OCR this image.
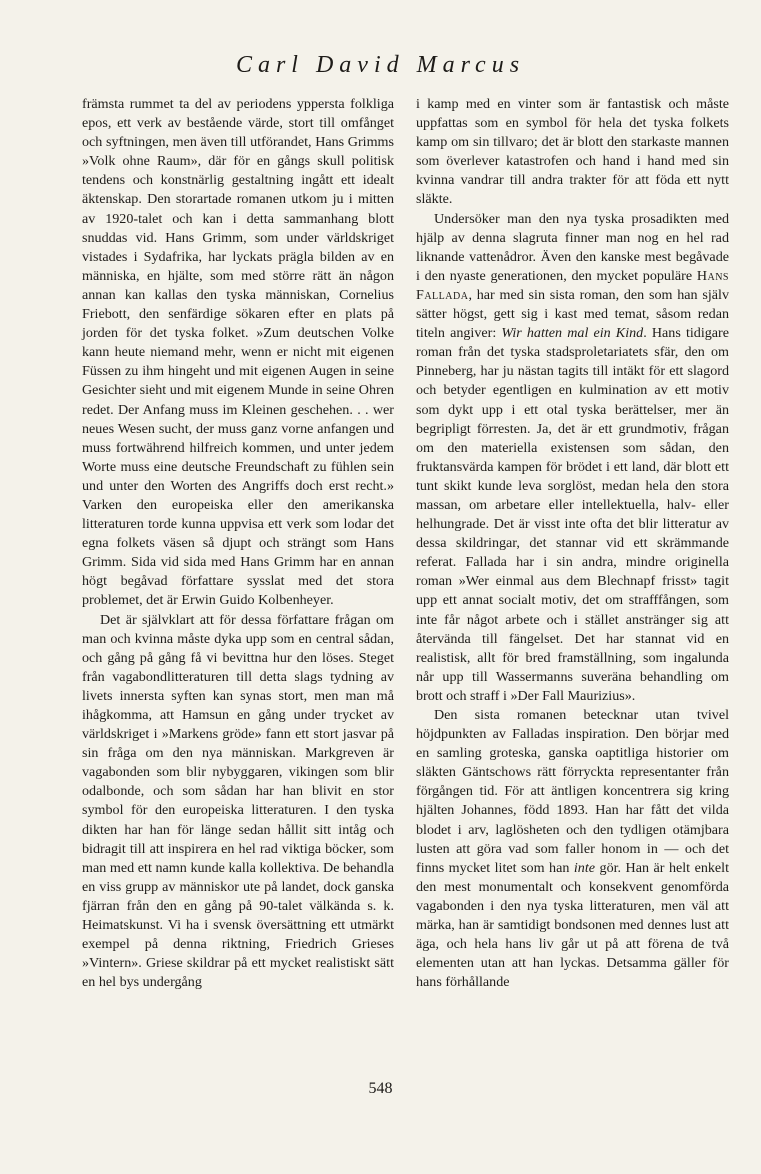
Carl David Marcus

främsta rummet ta del av periodens yppersta folkliga epos, ett verk av bestående värde, stort till omfånget och syftningen, men även till utförandet, Hans Grimms »Volk ohne Raum», där för en gångs skull politisk tendens och konstnärlig gestaltning ingått ett idealt äktenskap. Den storartade romanen utkom ju i mitten av 1920-talet och kan i detta sammanhang blott snuddas vid. Hans Grimm, som under världskriget vistades i Sydafrika, har lyckats prägla bilden av en människa, en hjälte, som med större rätt än någon annan kan kallas den tyska människan, Cornelius Friebott, den senfärdige sökaren efter en plats på jorden för det tyska folket. »Zum deutschen Volke kann heute niemand mehr, wenn er nicht mit eigenen Füssen zu ihm hingeht und mit eigenen Augen in seine Gesichter sieht und mit eigenem Munde in seine Ohren redet. Der Anfang muss im Kleinen geschehen. . . wer neues Wesen sucht, der muss ganz vorne anfangen und muss fortwährend hilfreich kommen, und unter jedem Worte muss eine deutsche Freundschaft zu fühlen sein und unter den Worten des Angriffs doch erst recht.» Varken den europeiska eller den amerikanska litteraturen torde kunna uppvisa ett verk som lodar det egna folkets väsen så djupt och strängt som Hans Grimm. Sida vid sida med Hans Grimm har en annan högt begåvad författare sysslat med det stora problemet, det är Erwin Guido Kolbenheyer.

Det är självklart att för dessa författare frågan om man och kvinna måste dyka upp som en central sådan, och gång på gång få vi bevittna hur den löses. Steget från vagabondlitteraturen till detta slags tydning av livets innersta syften kan synas stort, men man må ihågkomma, att Hamsun en gång under trycket av världskriget i »Markens gröde» fann ett stort jasvar på sin fråga om den nya människan. Markgreven är vagabonden som blir nybyggaren, vikingen som blir odalbonde, och som sådan har han blivit en stor symbol för den europeiska litteraturen. I den tyska dikten har han för länge sedan hållit sitt intåg och bidragit till att inspirera en hel rad viktiga böcker, som man med ett namn kunde kalla kollektiva. De behandla en viss grupp av människor ute på landet, dock ganska fjärran från den en gång på 90-talet välkända s. k. Heimatskunst. Vi ha i svensk översättning ett utmärkt exempel på denna riktning, Friedrich Grieses »Vintern». Griese skildrar på ett mycket realistiskt sätt en hel bys undergång

i kamp med en vinter som är fantastisk och måste uppfattas som en symbol för hela det tyska folkets kamp om sin tillvaro; det är blott den starkaste mannen som överlever katastrofen och hand i hand med sin kvinna vandrar till andra trakter för att föda ett nytt släkte.

Undersöker man den nya tyska prosadikten med hjälp av denna slagruta finner man nog en hel rad liknande vattenådror. Även den kanske mest begåvade i den nyaste generationen, den mycket populäre Hans Fallada, har med sin sista roman, den som han själv sätter högst, gett sig i kast med temat, såsom redan titeln angiver: Wir hatten mal ein Kind. Hans tidigare roman från det tyska stadsproletariatets sfär, den om Pinneberg, har ju nästan tagits till intäkt för ett slagord och betyder egentligen en kulmination av ett motiv som dykt upp i ett otal tyska berättelser, mer än begripligt förresten. Ja, det är ett grundmotiv, frågan om den materiella existensen som sådan, den fruktansvärda kampen för brödet i ett land, där blott ett tunt skikt kunde leva sorglöst, medan hela den stora massan, om arbetare eller intellektuella, halv- eller helhungrade. Det är visst inte ofta det blir litteratur av dessa skildringar, det stannar vid ett skrämmande referat. Fallada har i sin andra, mindre originella roman »Wer einmal aus dem Blechnapf frisst» tagit upp ett annat socialt motiv, det om strafffången, som inte får något arbete och i stället anstränger sig att återvända till fängelset. Det har stannat vid en realistisk, allt för bred framställning, som ingalunda når upp till Wassermanns suveräna behandling om brott och straff i »Der Fall Maurizius».

Den sista romanen betecknar utan tvivel höjdpunkten av Falladas inspiration. Den börjar med en samling groteska, ganska oaptitliga historier om släkten Gäntschows rätt förryckta representanter från förgången tid. För att äntligen koncentrera sig kring hjälten Johannes, född 1893. Han har fått det vilda blodet i arv, laglösheten och den tydligen otämjbara lusten att göra vad som faller honom in — och det finns mycket litet som han inte gör. Han är helt enkelt den mest monumentalt och konsekvent genomförda vagabonden i den nya tyska litteraturen, men väl att märka, han är samtidigt bondsonen med dennes lust att äga, och hela hans liv går ut på att förena de två elementen utan att han lyckas. Detsamma gäller för hans förhållande

548
